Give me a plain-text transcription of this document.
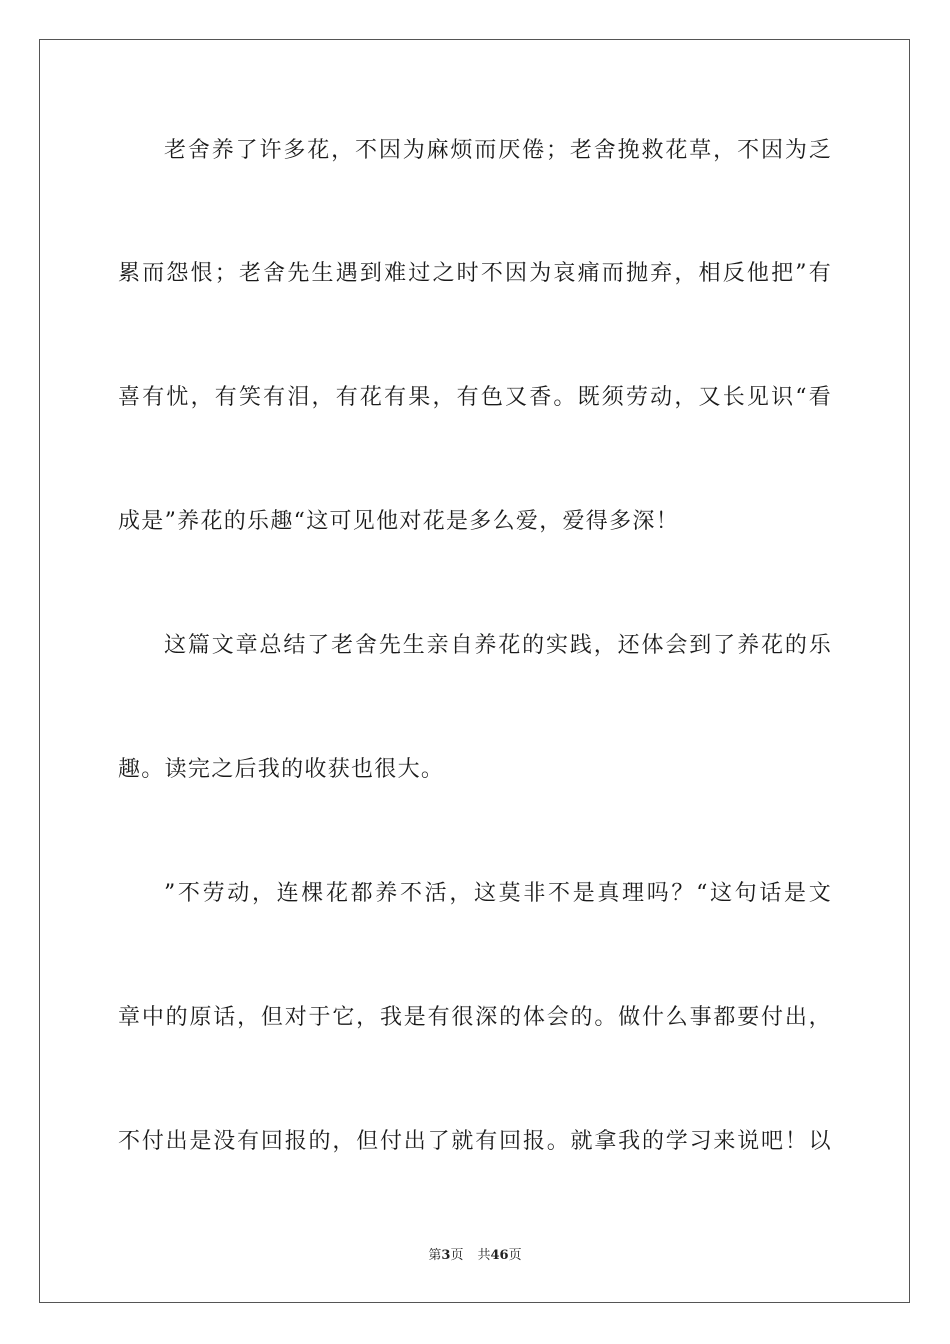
老舍养了许多花，不因为麻烦而厌倦；老舍挽救花草，不因为乏
累而怨恨；老舍先生遇到难过之时不因为哀痛而抛弃，相反他把”有
喜有忧，有笑有泪，有花有果，有色又香。既须劳动，又长见识“看
成是”养花的乐趣“这可见他对花是多么爱，爱得多深！
这篇文章总结了老舍先生亲自养花的实践，还体会到了养花的乐
趣。读完之后我的收获也很大。
”不劳动，连棵花都养不活，这莫非不是真理吗？“这句话是文
章中的原话，但对于它，我是有很深的体会的。做什么事都要付出，
不付出是没有回报的，但付出了就有回报。就拿我的学习来说吧！以
第3页 共46页
